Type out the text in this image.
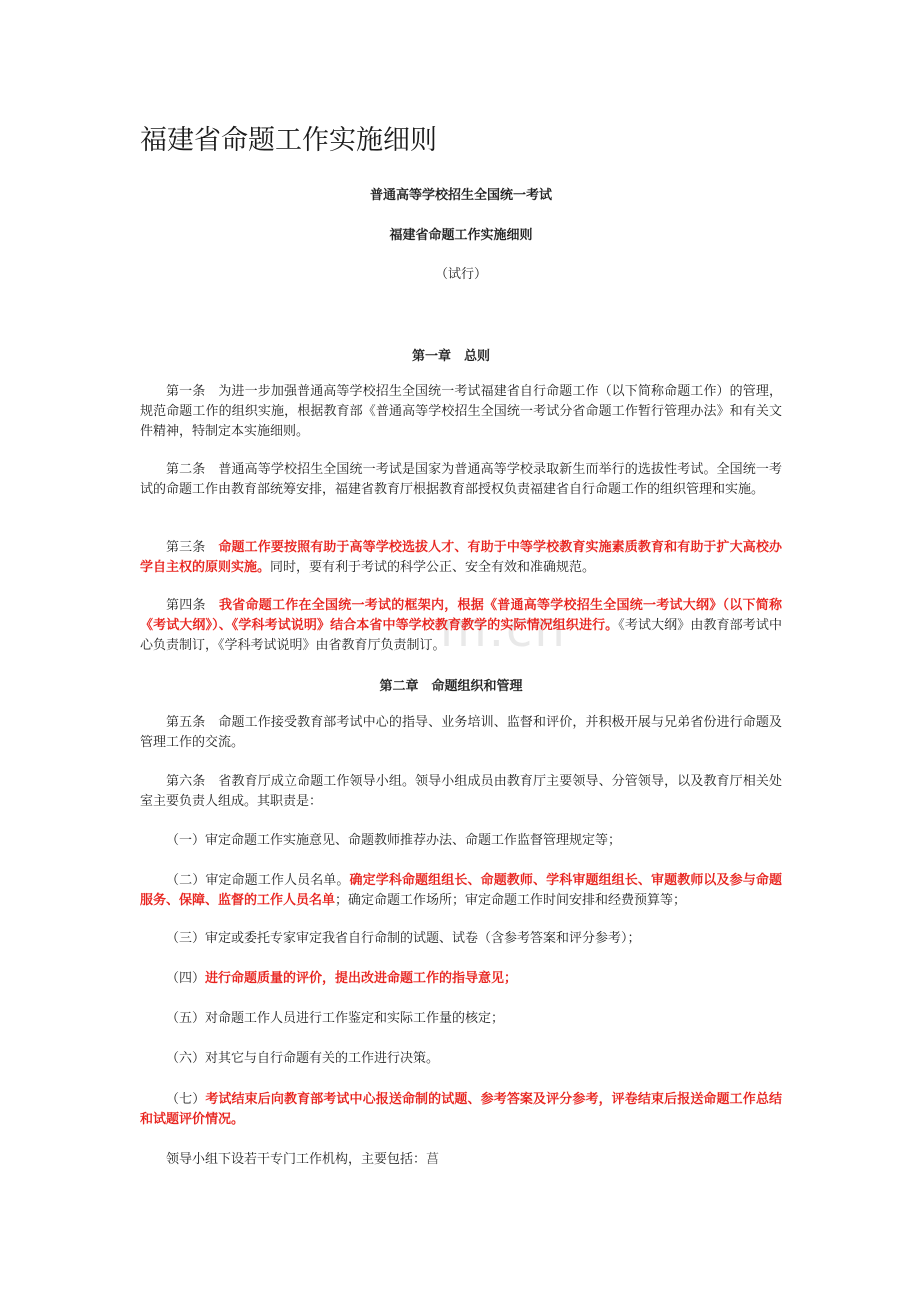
m.cn
福建省命题工作实施细则

普通高等学校招生全国统一考试

福建省命题工作实施细则

（试行）

第一章　总则

第一条　为进一步加强普通高等学校招生全国统一考试福建省自行命题工作（以下简称命题工作）的管理，规范命题工作的组织实施，根据教育部《普通高等学校招生全国统一考试分省命题工作暂行管理办法》和有关文件精神，特制定本实施细则。

第二条　普通高等学校招生全国统一考试是国家为普通高等学校录取新生而举行的选拔性考试。全国统一考试的命题工作由教育部统筹安排，福建省教育厅根据教育部授权负责福建省自行命题工作的组织管理和实施。

第三条　命题工作要按照有助于高等学校选拔人才、有助于中等学校教育实施素质教育和有助于扩大高校办学自主权的原则实施。同时，要有利于考试的科学公正、安全有效和准确规范。

第四条　我省命题工作在全国统一考试的框架内，根据《普通高等学校招生全国统一考试大纲》（以下简称《考试大纲》）、《学科考试说明》结合本省中等学校教育教学的实际情况组织进行。《考试大纲》由教育部考试中心负责制订，《学科考试说明》由省教育厅负责制订。

第二章　命题组织和管理

第五条　命题工作接受教育部考试中心的指导、业务培训、监督和评价，并积极开展与兄弟省份进行命题及管理工作的交流。

第六条　省教育厅成立命题工作领导小组。领导小组成员由教育厅主要领导、分管领导，以及教育厅相关处室主要负责人组成。其职责是：

（一）审定命题工作实施意见、命题教师推荐办法、命题工作监督管理规定等；

（二）审定命题工作人员名单。确定学科命题组组长、命题教师、学科审题组组长、审题教师以及参与命题服务、保障、监督的工作人员名单；确定命题工作场所；审定命题工作时间安排和经费预算等；

（三）审定或委托专家审定我省自行命制的试题、试卷（含参考答案和评分参考）；

（四）进行命题质量的评价，提出改进命题工作的指导意见；

（五）对命题工作人员进行工作鉴定和实际工作量的核定；

（六）对其它与自行命题有关的工作进行决策。

（七）考试结束后向教育部考试中心报送命制的试题、参考答案及评分参考，评卷结束后报送命题工作总结和试题评价情况。

领导小组下设若干专门工作机构，主要包括：菖
